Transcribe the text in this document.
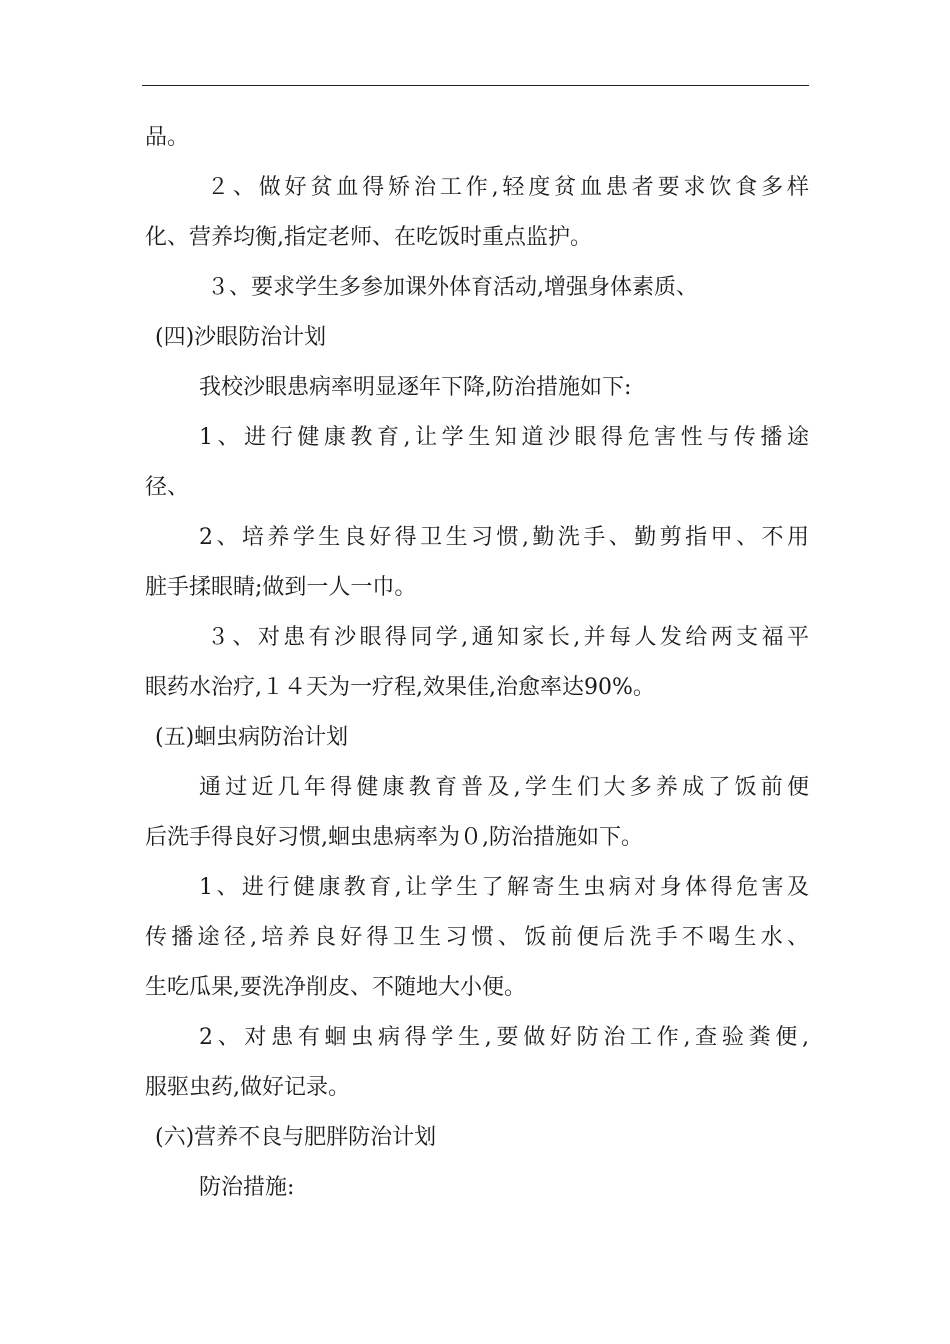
品。
２、做好贫血得矫治工作,轻度贫血患者要求饮食多样
化、营养均衡,指定老师、在吃饭时重点监护。
３、要求学生多参加课外体育活动,增强身体素质、
(四)沙眼防治计划
我校沙眼患病率明显逐年下降,防治措施如下:
1、进行健康教育,让学生知道沙眼得危害性与传播途
径、
2、培养学生良好得卫生习惯,勤洗手、勤剪指甲、不用
脏手揉眼睛;做到一人一巾。
３、对患有沙眼得同学,通知家长,并每人发给两支福平
眼药水治疗,１４天为一疗程,效果佳,治愈率达90%。
(五)蛔虫病防治计划
通过近几年得健康教育普及,学生们大多养成了饭前便
后洗手得良好习惯,蛔虫患病率为０,防治措施如下。
1、进行健康教育,让学生了解寄生虫病对身体得危害及
传播途径,培养良好得卫生习惯、饭前便后洗手不喝生水、
生吃瓜果,要洗净削皮、不随地大小便。
2、对患有蛔虫病得学生,要做好防治工作,查验粪便,
服驱虫药,做好记录。
(六)营养不良与肥胖防治计划
防治措施:
